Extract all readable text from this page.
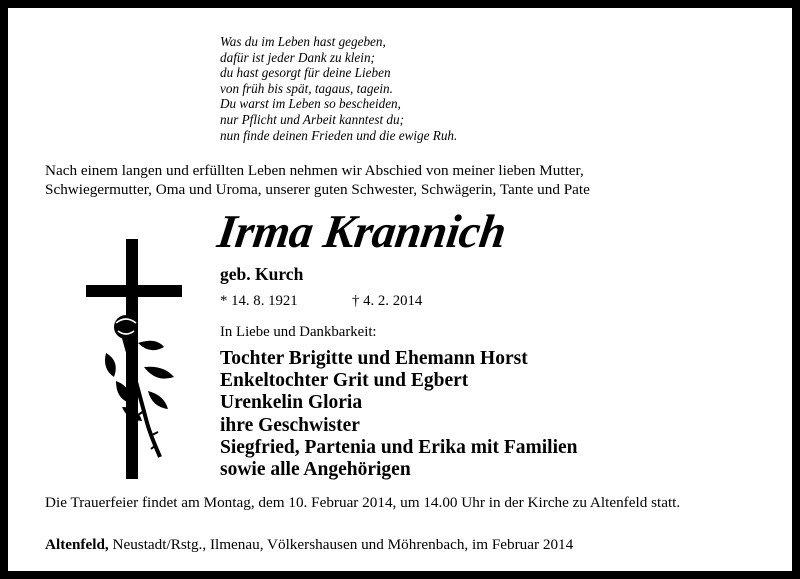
Was du im Leben hast gegeben,
dafür ist jeder Dank zu klein;
du hast gesorgt für deine Lieben
von früh bis spät, tagaus, tagein.
Du warst im Leben so bescheiden,
nur Pflicht und Arbeit kanntest du;
nun finde deinen Frieden und die ewige Ruh.
Nach einem langen und erfüllten Leben nehmen wir Abschied von meiner lieben Mutter,
Schwiegermutter, Oma und Uroma, unserer guten Schwester, Schwägerin, Tante und Pate
Irma Krannich
geb. Kurch
* 14. 8. 1921	† 4. 2. 2014
In Liebe und Dankbarkeit:
Tochter Brigitte und Ehemann Horst
Enkeltochter Grit und Egbert
Urenkelin Gloria
ihre Geschwister
Siegfried, Partenia und Erika mit Familien
sowie alle Angehörigen
Die Trauerfeier findet am Montag, dem 10. Februar 2014, um 14.00 Uhr in der Kirche zu Altenfeld statt.
Altenfeld, Neustadt/Rstg., Ilmenau, Völkershausen und Möhrenbach, im Februar 2014
